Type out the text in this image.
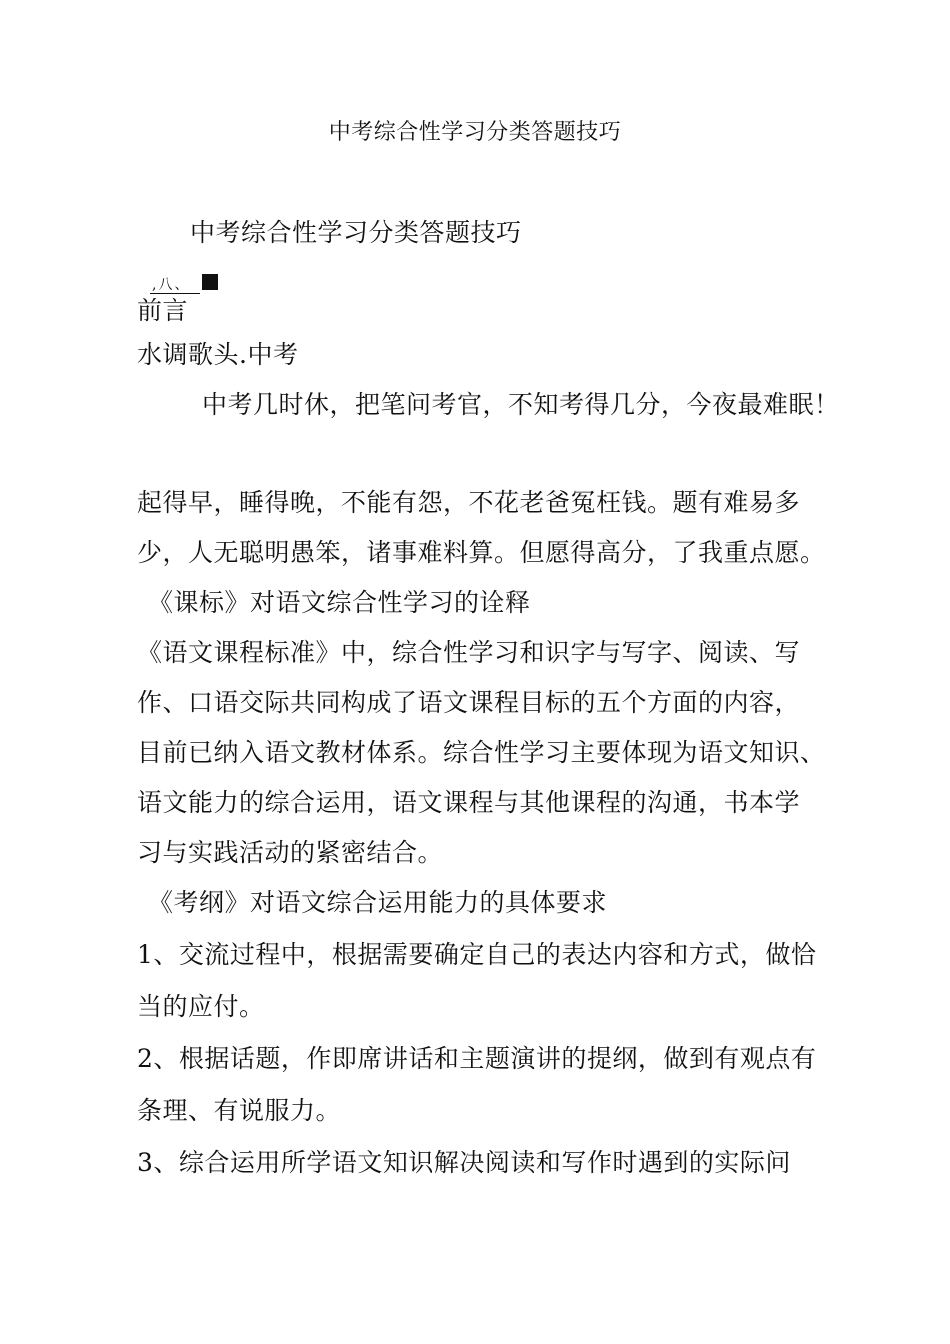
中考综合性学习分类答题技巧
中考综合性学习分类答题技巧
,八、
前言
水调歌头.中考
中考几时休，把笔问考官，不知考得几分，今夜最难眠！
起得早，睡得晚，不能有怨，不花老爸冤枉钱。题有难易多
少，人无聪明愚笨，诸事难料算。但愿得高分，了我重点愿。
《课标》对语文综合性学习的诠释
《语文课程标准》中，综合性学习和识字与写字、阅读、写
作、口语交际共同构成了语文课程目标的五个方面的内容，
目前已纳入语文教材体系。综合性学习主要体现为语文知识、
语文能力的综合运用，语文课程与其他课程的沟通，书本学
习与实践活动的紧密结合。
《考纲》对语文综合运用能力的具体要求
1、交流过程中，根据需要确定自己的表达内容和方式，做恰
当的应付。
2、根据话题，作即席讲话和主题演讲的提纲，做到有观点有
条理、有说服力。
3、综合运用所学语文知识解决阅读和写作时遇到的实际问
